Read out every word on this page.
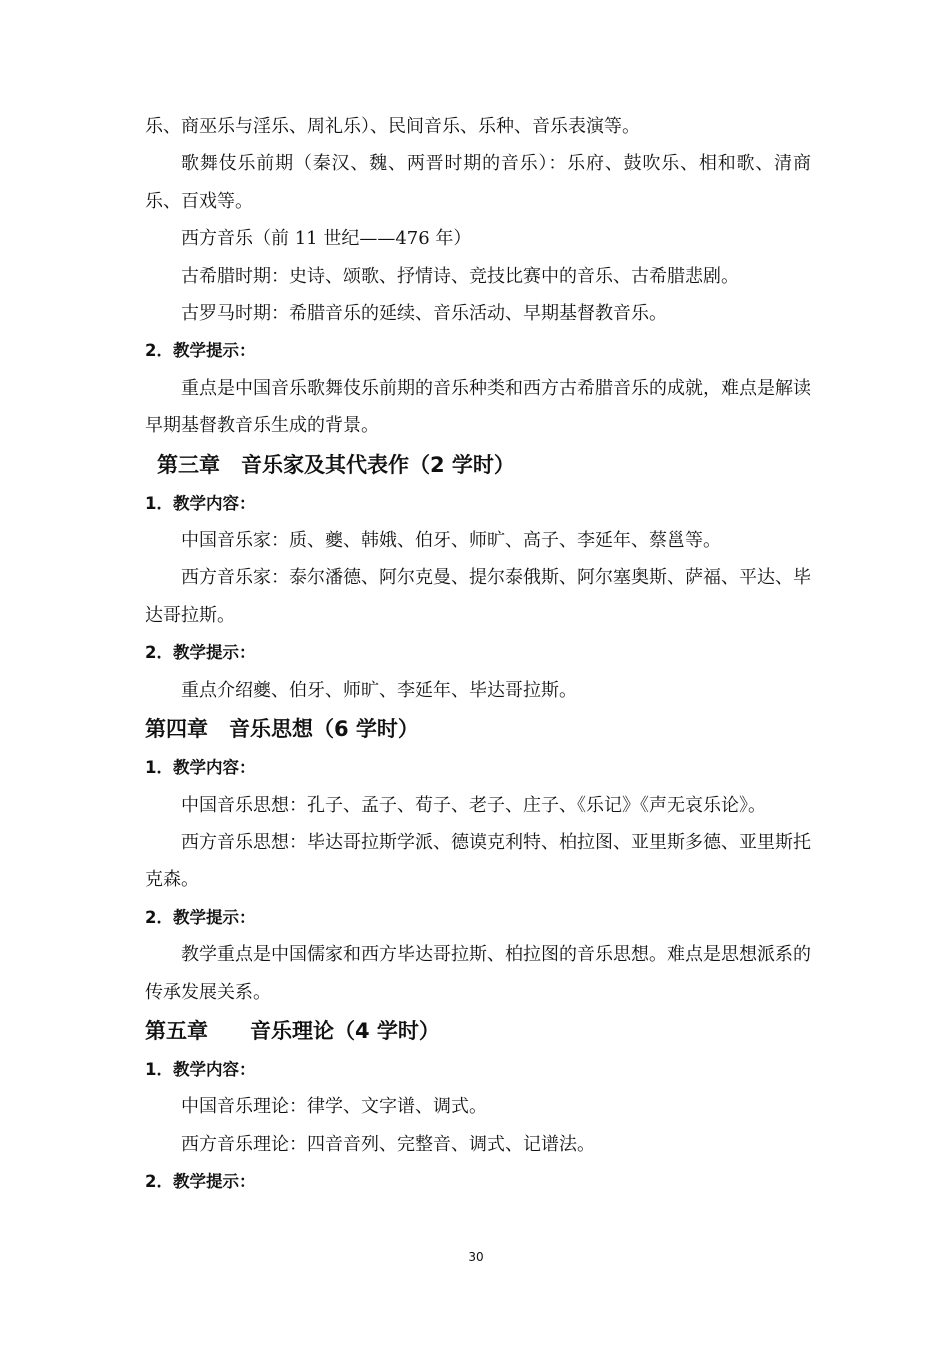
乐、商巫乐与淫乐、周礼乐）、民间音乐、乐种、音乐表演等。

歌舞伎乐前期（秦汉、魏、两晋时期的音乐）：乐府、鼓吹乐、相和歌、清商乐、百戏等。

西方音乐（前 11 世纪——476 年）

古希腊时期：史诗、颂歌、抒情诗、竞技比赛中的音乐、古希腊悲剧。

古罗马时期：希腊音乐的延续、音乐活动、早期基督教音乐。

2．教学提示：

重点是中国音乐歌舞伎乐前期的音乐种类和西方古希腊音乐的成就，难点是解读早期基督教音乐生成的背景。

第三章　音乐家及其代表作（2 学时）

1．教学内容：

中国音乐家：质、夔、韩娥、伯牙、师旷、高子、李延年、蔡邕等。

西方音乐家：泰尔潘德、阿尔克曼、提尔泰俄斯、阿尔塞奥斯、萨福、平达、毕达哥拉斯。

2．教学提示：

重点介绍夔、伯牙、师旷、李延年、毕达哥拉斯。

第四章　音乐思想（6 学时）

1．教学内容：

中国音乐思想：孔子、孟子、荀子、老子、庄子、《乐记》《声无哀乐论》。

西方音乐思想：毕达哥拉斯学派、德谟克利特、柏拉图、亚里斯多德、亚里斯托克森。

2．教学提示：

教学重点是中国儒家和西方毕达哥拉斯、柏拉图的音乐思想。难点是思想派系的传承发展关系。

第五章　　音乐理论（4 学时）

1．教学内容：

中国音乐理论：律学、文字谱、调式。

西方音乐理论：四音音列、完整音、调式、记谱法。

2．教学提示：

30
